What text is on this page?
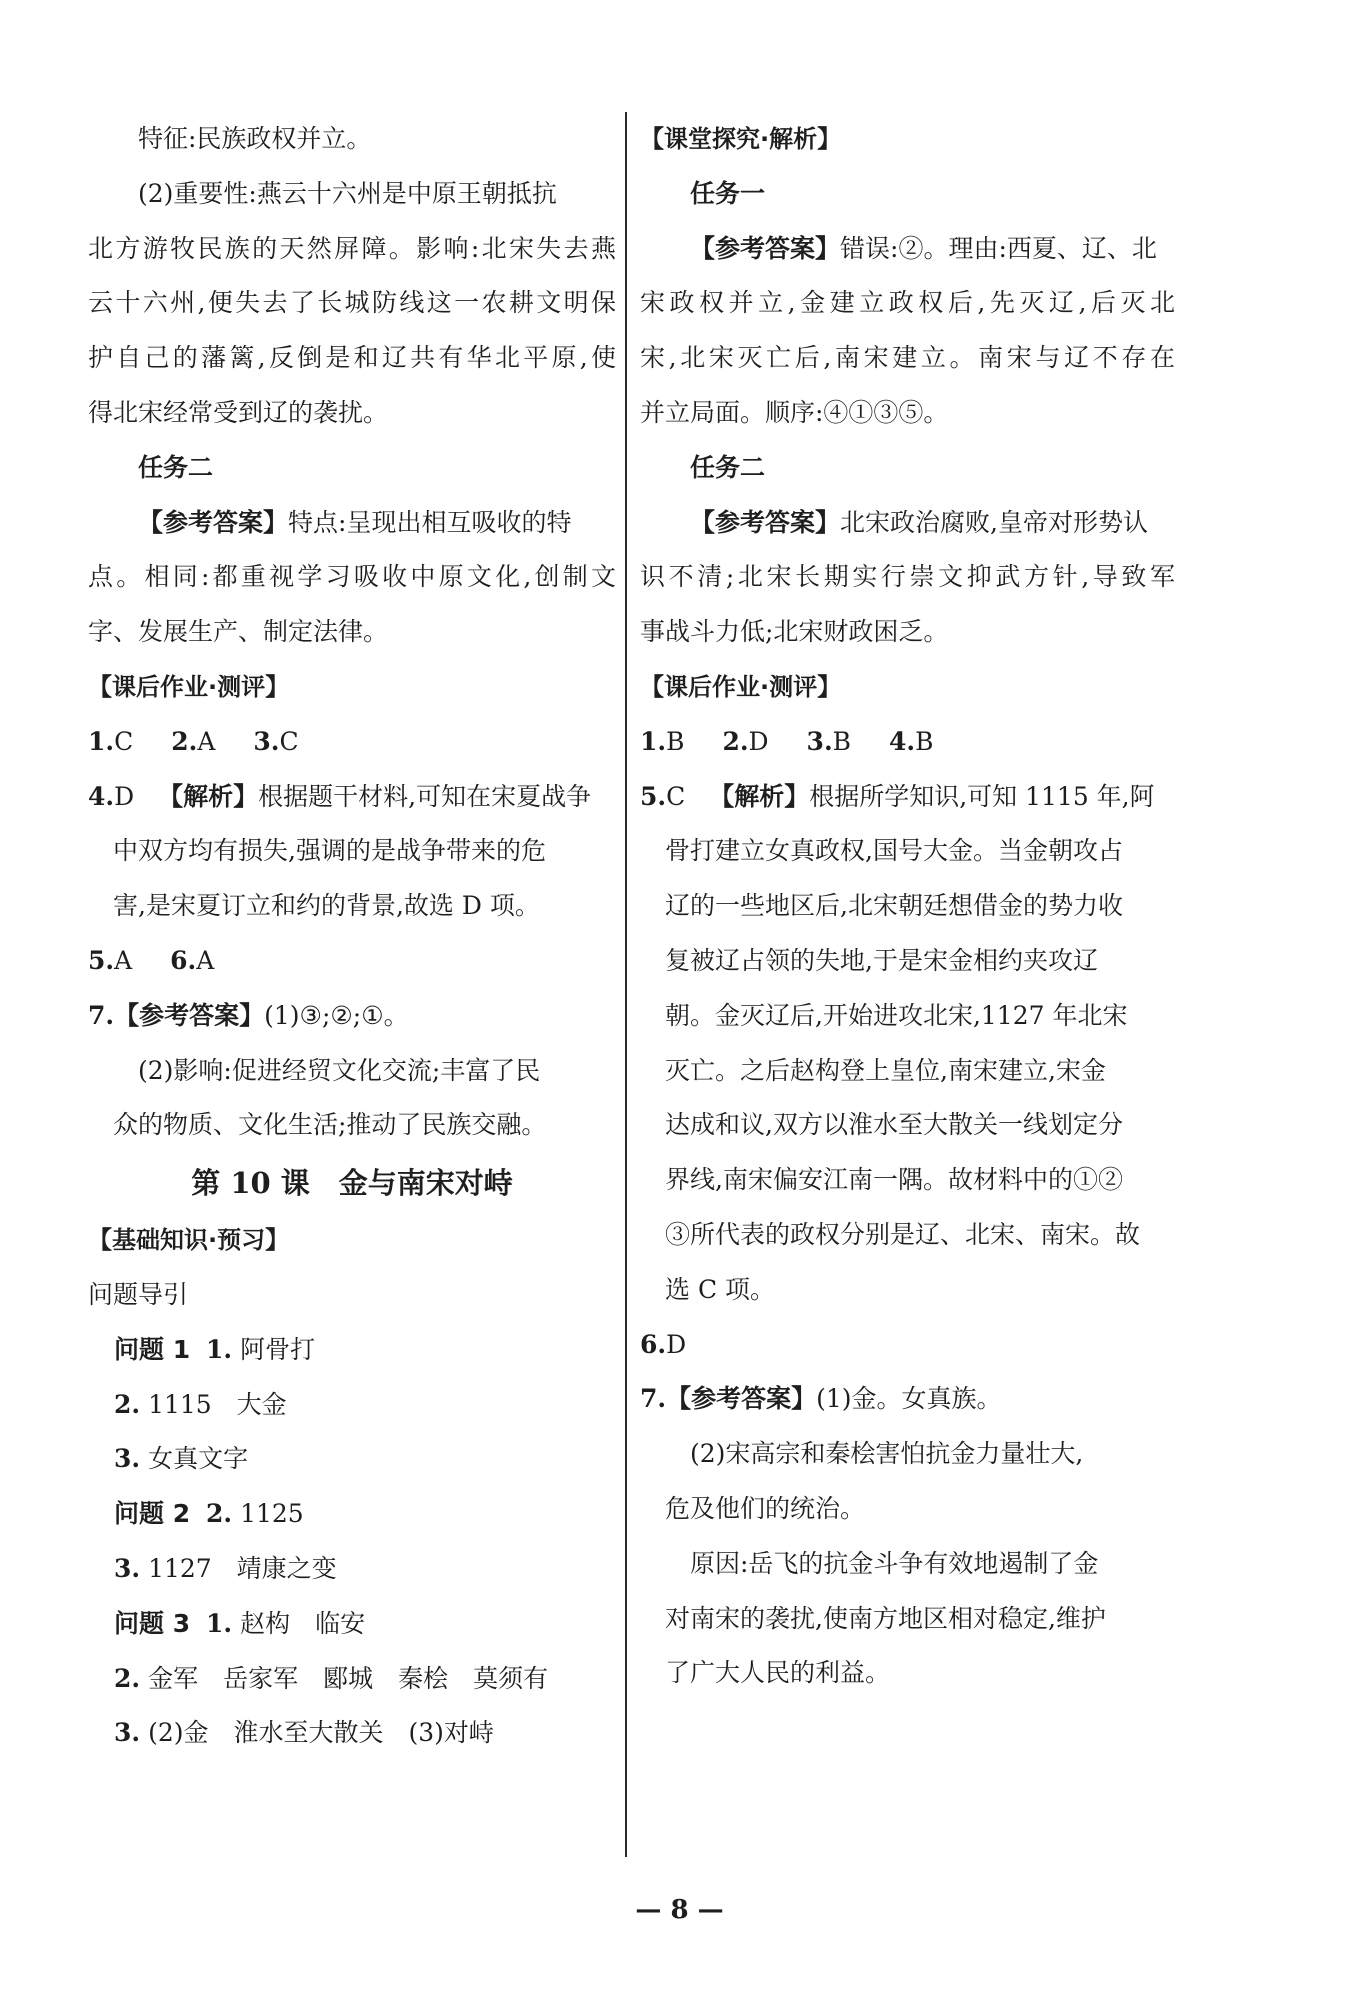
特征:民族政权并立。
(2)重要性:燕云十六州是中原王朝抵抗
北方游牧民族的天然屏障。影响:北宋失去燕
云十六州,便失去了长城防线这一农耕文明保
护自己的藩篱,反倒是和辽共有华北平原,使
得北宋经常受到辽的袭扰。
任务二
【参考答案】特点:呈现出相互吸收的特
点。相同:都重视学习吸收中原文化,创制文
字、发展生产、制定法律。
【课后作业·测评】
1.C 2.A 3.C
4.D 【解析】根据题干材料,可知在宋夏战争
中双方均有损失,强调的是战争带来的危
害,是宋夏订立和约的背景,故选 D 项。
5.A 6.A
7.【参考答案】(1)③;②;①。
(2)影响:促进经贸文化交流;丰富了民
众的物质、文化生活;推动了民族交融。
第 10 课　金与南宋对峙
【基础知识·预习】
问题导引
问题 1 1. 阿骨打
2. 1115　大金
3. 女真文字
问题 2 2. 1125
3. 1127　靖康之变
问题 3 1. 赵构　临安
2. 金军　岳家军　郾城　秦桧　莫须有
3. (2)金　淮水至大散关　(3)对峙
【课堂探究·解析】
任务一
【参考答案】错误:②。理由:西夏、辽、北
宋政权并立,金建立政权后,先灭辽,后灭北
宋,北宋灭亡后,南宋建立。南宋与辽不存在
并立局面。顺序:④①③⑤。
任务二
【参考答案】北宋政治腐败,皇帝对形势认
识不清;北宋长期实行崇文抑武方针,导致军
事战斗力低;北宋财政困乏。
【课后作业·测评】
1.B 2.D 3.B 4.B
5.C 【解析】根据所学知识,可知 1115 年,阿
骨打建立女真政权,国号大金。当金朝攻占
辽的一些地区后,北宋朝廷想借金的势力收
复被辽占领的失地,于是宋金相约夹攻辽
朝。金灭辽后,开始进攻北宋,1127 年北宋
灭亡。之后赵构登上皇位,南宋建立,宋金
达成和议,双方以淮水至大散关一线划定分
界线,南宋偏安江南一隅。故材料中的①②
③所代表的政权分别是辽、北宋、南宋。故
选 C 项。
6.D
7.【参考答案】(1)金。女真族。
(2)宋高宗和秦桧害怕抗金力量壮大,
危及他们的统治。
原因:岳飞的抗金斗争有效地遏制了金
对南宋的袭扰,使南方地区相对稳定,维护
了广大人民的利益。
— 8 —
